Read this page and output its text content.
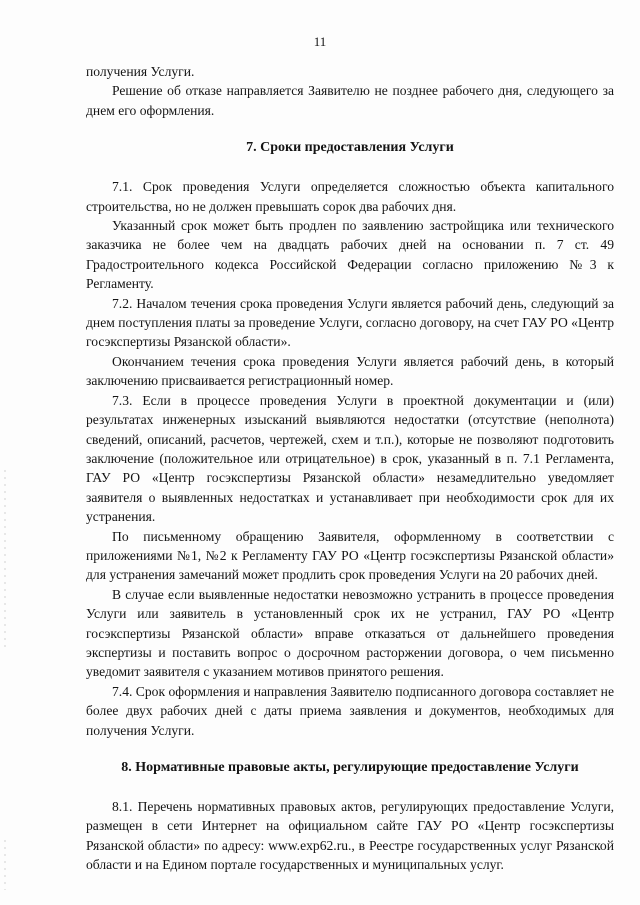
11

получения Услуги.

Решение об отказе направляется Заявителю не позднее рабочего дня, следующего за днем его оформления.

7. Сроки предоставления Услуги

7.1. Срок проведения Услуги определяется сложностью объекта капитального строительства, но не должен превышать сорок два рабочих дня.

Указанный срок может быть продлен по заявлению застройщика или технического заказчика не более чем на двадцать рабочих дней на основании п. 7 ст. 49 Градостроительного кодекса Российской Федерации согласно приложению №3 к Регламенту.

7.2. Началом течения срока проведения Услуги является рабочий день, следующий за днем поступления платы за проведение Услуги, согласно договору, на счет ГАУ РО «Центр госэкспертизы Рязанской области».

Окончанием течения срока проведения Услуги является рабочий день, в который заключению присваивается регистрационный номер.

7.3. Если в процессе проведения Услуги в проектной документации и (или) результатах инженерных изысканий выявляются недостатки (отсутствие (неполнота) сведений, описаний, расчетов, чертежей, схем и т.п.), которые не позволяют подготовить заключение (положительное или отрицательное) в срок, указанный в п. 7.1 Регламента, ГАУ РО «Центр госэкспертизы Рязанской области» незамедлительно уведомляет заявителя о выявленных недостатках и устанавливает при необходимости срок для их устранения.

По письменному обращению Заявителя, оформленному в соответствии с приложениями №1, №2 к Регламенту ГАУ РО «Центр госэкспертизы Рязанской области» для устранения замечаний может продлить срок проведения Услуги на 20 рабочих дней.

В случае если выявленные недостатки невозможно устранить в процессе проведения Услуги или заявитель в установленный срок их не устранил, ГАУ РО «Центр госэкспертизы Рязанской области» вправе отказаться от дальнейшего проведения экспертизы и поставить вопрос о досрочном расторжении договора, о чем письменно уведомит заявителя с указанием мотивов принятого решения.

7.4. Срок оформления и направления Заявителю подписанного договора составляет не более двух рабочих дней с даты приема заявления и документов, необходимых для получения Услуги.

8. Нормативные правовые акты, регулирующие предоставление Услуги

8.1. Перечень нормативных правовых актов, регулирующих предоставление Услуги, размещен в сети Интернет на официальном сайте ГАУ РО «Центр госэкспертизы Рязанской области» по адресу: www.exp62.ru., в Реестре государственных услуг Рязанской области и на Едином портале государственных и муниципальных услуг.
